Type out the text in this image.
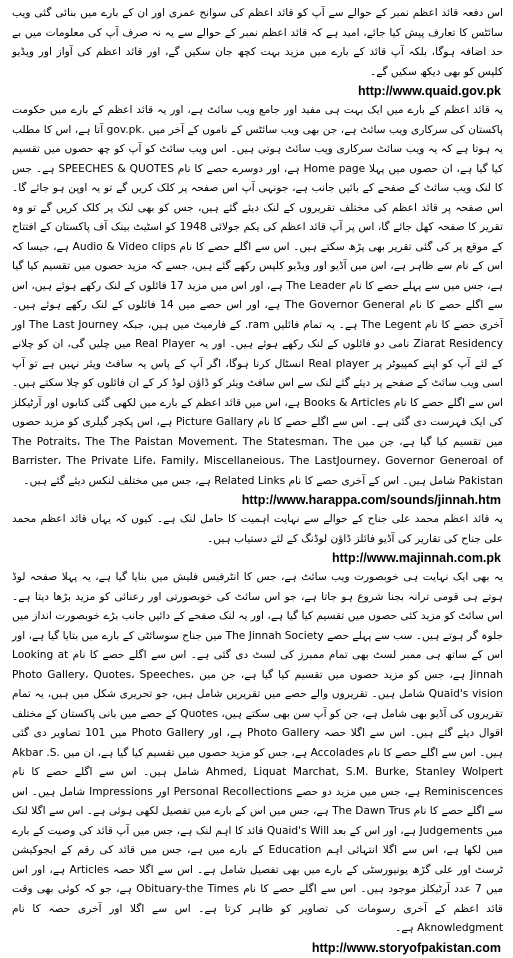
اس دفعہ قائد اعظم نمبر کے حوالے سے آپ کو قائد اعظم کی سوانح عمری اور ان کے بارے میں بنائی گئی ویب سائٹس کا تعارف پیش کیا جائے، امید ہے کہ قائد اعظم نمبر کے حوالے سے یہ نہ صرف آپ کی معلومات میں بے حد اضافہ ہوگا، بلکہ آپ قائد کے بارے میں مزید بہت کچھ جان سکیں گے، اور قائد اعظم کی آواز اور ویڈیو کلپس کو بھی دیکھ سکیں گے۔

http://www.quaid.gov.pk

یہ قائد اعظم کے بارے میں ایک بہت ہی مفید اور جامع ویب سائٹ ہے، اور یہ قائد اعظم کے بارے میں حکومت پاکستان کی سرکاری ویب سائٹ ہے، جن بھی ویب سائٹس کے ناموں کے آخر میں .gov.pk آتا ہے، اس کا مطلب یہ ہوتا ہے کہ یہ ویب سائٹ سرکاری ویب سائٹ ہوتی ہیں۔ اس ویب سائٹ کو آپ کو چھ حصوں میں تقسیم کیا گیا ہے، ان حصوں میں پہلا Home page ہے، اور دوسرے حصے کا نام SPEECHES & QUOTES ہے۔ جس کا لنک ویب سائٹ کے صفحے کے بائیں جانب ہے، جونہی آپ اس صفحہ پر کلک کریں گے تو یہ اوپن ہو جائے گا۔ اس صفحہ پر قائد اعظم کی مختلف تقریروں کے لنک دیئے گئے ہیں، جس کو بھی لنک پر کلک کریں گے تو وہ تقریر کا صفحہ کھل جائے گا، اس پر آپ قائد اعظم کی یکم جولائی 1948 کو اسٹیٹ بینک آف پاکستان کے افتتاح کے موقع پر کی گئی تقریر بھی پڑھ سکتے ہیں۔ اس سے اگلے حصے کا نام Audio & Video clips ہے، جیسا کہ اس کے نام سے ظاہر ہے، اس میں آڈیو اور ویڈیو کلپس رکھے گئے ہیں، جسے کہ مزید حصوں میں تقسیم کیا گیا ہے، جس میں سے پہلے حصے کا نام The Leader ہے، اور اس میں مزید 17 فائلوں کے لنک رکھے ہوئے ہیں، اس سے اگلے حصے کا نام The Governor General ہے، اور اس حصے میں 14 فائلوں کے لنک رکھے ہوئے ہیں۔ آخری حصے کا نام The Legent ہے۔ یہ تمام فائلیں ram. کے فارمیٹ میں ہیں، جبکہ The Last Journey اور Ziarat Residency نامی دو فائلوں کے لنک رکھے ہوئے ہیں۔ اور یہ Real Player میں چلیں گی، ان کو چلانے کے لئے آپ کو اپنے کمپیوٹر پر Real player انسٹال کرنا ہوگا، اگر آپ کے پاس یہ سافٹ ویئر نہیں ہے تو آپ اسی ویب سائٹ کے صفحے پر دیئے گئے لنک سے اس سافٹ ویئر کو ڈاؤن لوڈ کر کے ان فائلوں کو چلا سکتے ہیں۔ اس سے اگلے حصے کا نام Books & Articles ہے، اس میں قائد اعظم کے بارے میں لکھی گئی کتابوں اور آرٹیکلز کی ایک فہرست دی گئی ہے۔ اس سے اگلے حصے کا نام Picture Gallary ہے، اس پکچر گیلری کو مزید حصوں میں تقسیم کیا گیا ہے، جن میں The Potraits، The The Paistan Movement، The Statesman، The Barrister، The Private Life، Family، Miscellaneious، The LastJourney، Governor Generoal of Pakistan شامل ہیں۔ اس کے آخری حصے کا نام Related Links ہے، جس میں مختلف لنکس دیئے گئے ہیں۔

http://www.harappa.com/sounds/jinnah.htm

یہ قائد اعظم محمد علی جناح کے حوالے سے نہایت اہمیت کا حامل لنک ہے۔ کیوں کہ یہاں قائد اعظم محمد علی جناح کی تقاریر کی آڈیو فائلز ڈاؤن لوڈنگ کے لئے دستیاب ہیں۔

http://www.majinnah.com.pk

یہ بھی ایک نہایت ہی خوبصورت ویب سائٹ ہے، جس کا انٹرفیس فلیش میں بنایا گیا ہے، یہ پہلا صفحہ لوڈ ہوتے ہی قومی ترانہ بجنا شروع ہو جاتا ہے، جو اس سائٹ کی خوبصورتی اور رعنائی کو مزید بڑھا دیتا ہے۔ اس سائٹ کو مزید کئی حصوں میں تقسیم کیا گیا ہے، اور یہ لنک صفحے کے دائیں جانب بڑے خوبصورت انداز میں جلوہ گر ہوتے ہیں۔ سب سے پہلے حصے The Jinnah Society میں جناح سوسائٹی کے بارے میں بتایا گیا ہے، اور اس کے ساتھ ہی ممبر لسٹ بھی تمام ممبرز کی لسٹ دی گئی ہے۔ اس سے اگلے حصے کا نام Looking at Jinnah ہے، جس کو مزید حصوں میں تقسیم کیا گیا ہے، جن میں Photo Gallery، Quotes، Speeches، Quaid's vision شامل ہیں۔ تقریروں والے حصے میں تقریریں شامل ہیں، جو تحریری شکل میں ہیں، یہ تمام تقریروں کی آڈیو بھی شامل ہے، جن کو آپ سن بھی سکتے ہیں، Quotes کے حصے میں بانی پاکستان کے مختلف اقوال دیئے گئے ہیں۔ اس سے اگلا حصہ Photo Gallery ہے، اور Photo Gallery میں 101 تصاویر دی گئی ہیں۔ اس سے اگلے حصے کا نام Accolades ہے، جس کو مزید حصوں میں تقسیم کیا گیا ہے، ان میں Akbar .S. Ahmed, Liquat Marchat, S.M. Burke, Stanley Wolpert شامل ہیں۔ اس سے اگلے حصے کا نام Reminiscences ہے، جس میں مزید دو حصے Personal Recollections اور Impressions شامل ہیں۔ اس سے اگلے حصے کا نام The Dawn Trus ہے، جس میں اس کے بارے میں تفصیل لکھی ہوئی ہے۔ اس سے اگلا لنک میں Judgements ہے، اور اس کے بعد Quaid's Will قائد کا اہم لنک ہے، جس میں آپ قائد کی وصیت کے بارے میں لکھا ہے، اس سے اگلا انتہائی اہم Education کے بارے میں ہے، جس میں قائد کی رقم کے ایجوکیشن ٹرسٹ اور علی گڑھ یونیورسٹی کے بارے میں بھی تفصیل شامل ہے۔ اس سے اگلا حصہ Articles ہے، اور اس میں 7 عدد آرٹیکلز موجود ہیں۔ اس سے اگلے حصے کا نام Obituary-the Times ہے، جو کہ کوئی بھی وقت قائد اعظم کے آخری رسومات کی تصاویر کو ظاہر کرتا ہے۔ اس سے اگلا اور آخری حصہ کا نام Aknowledgment ہے۔

http://www.storyofpakistan.com
